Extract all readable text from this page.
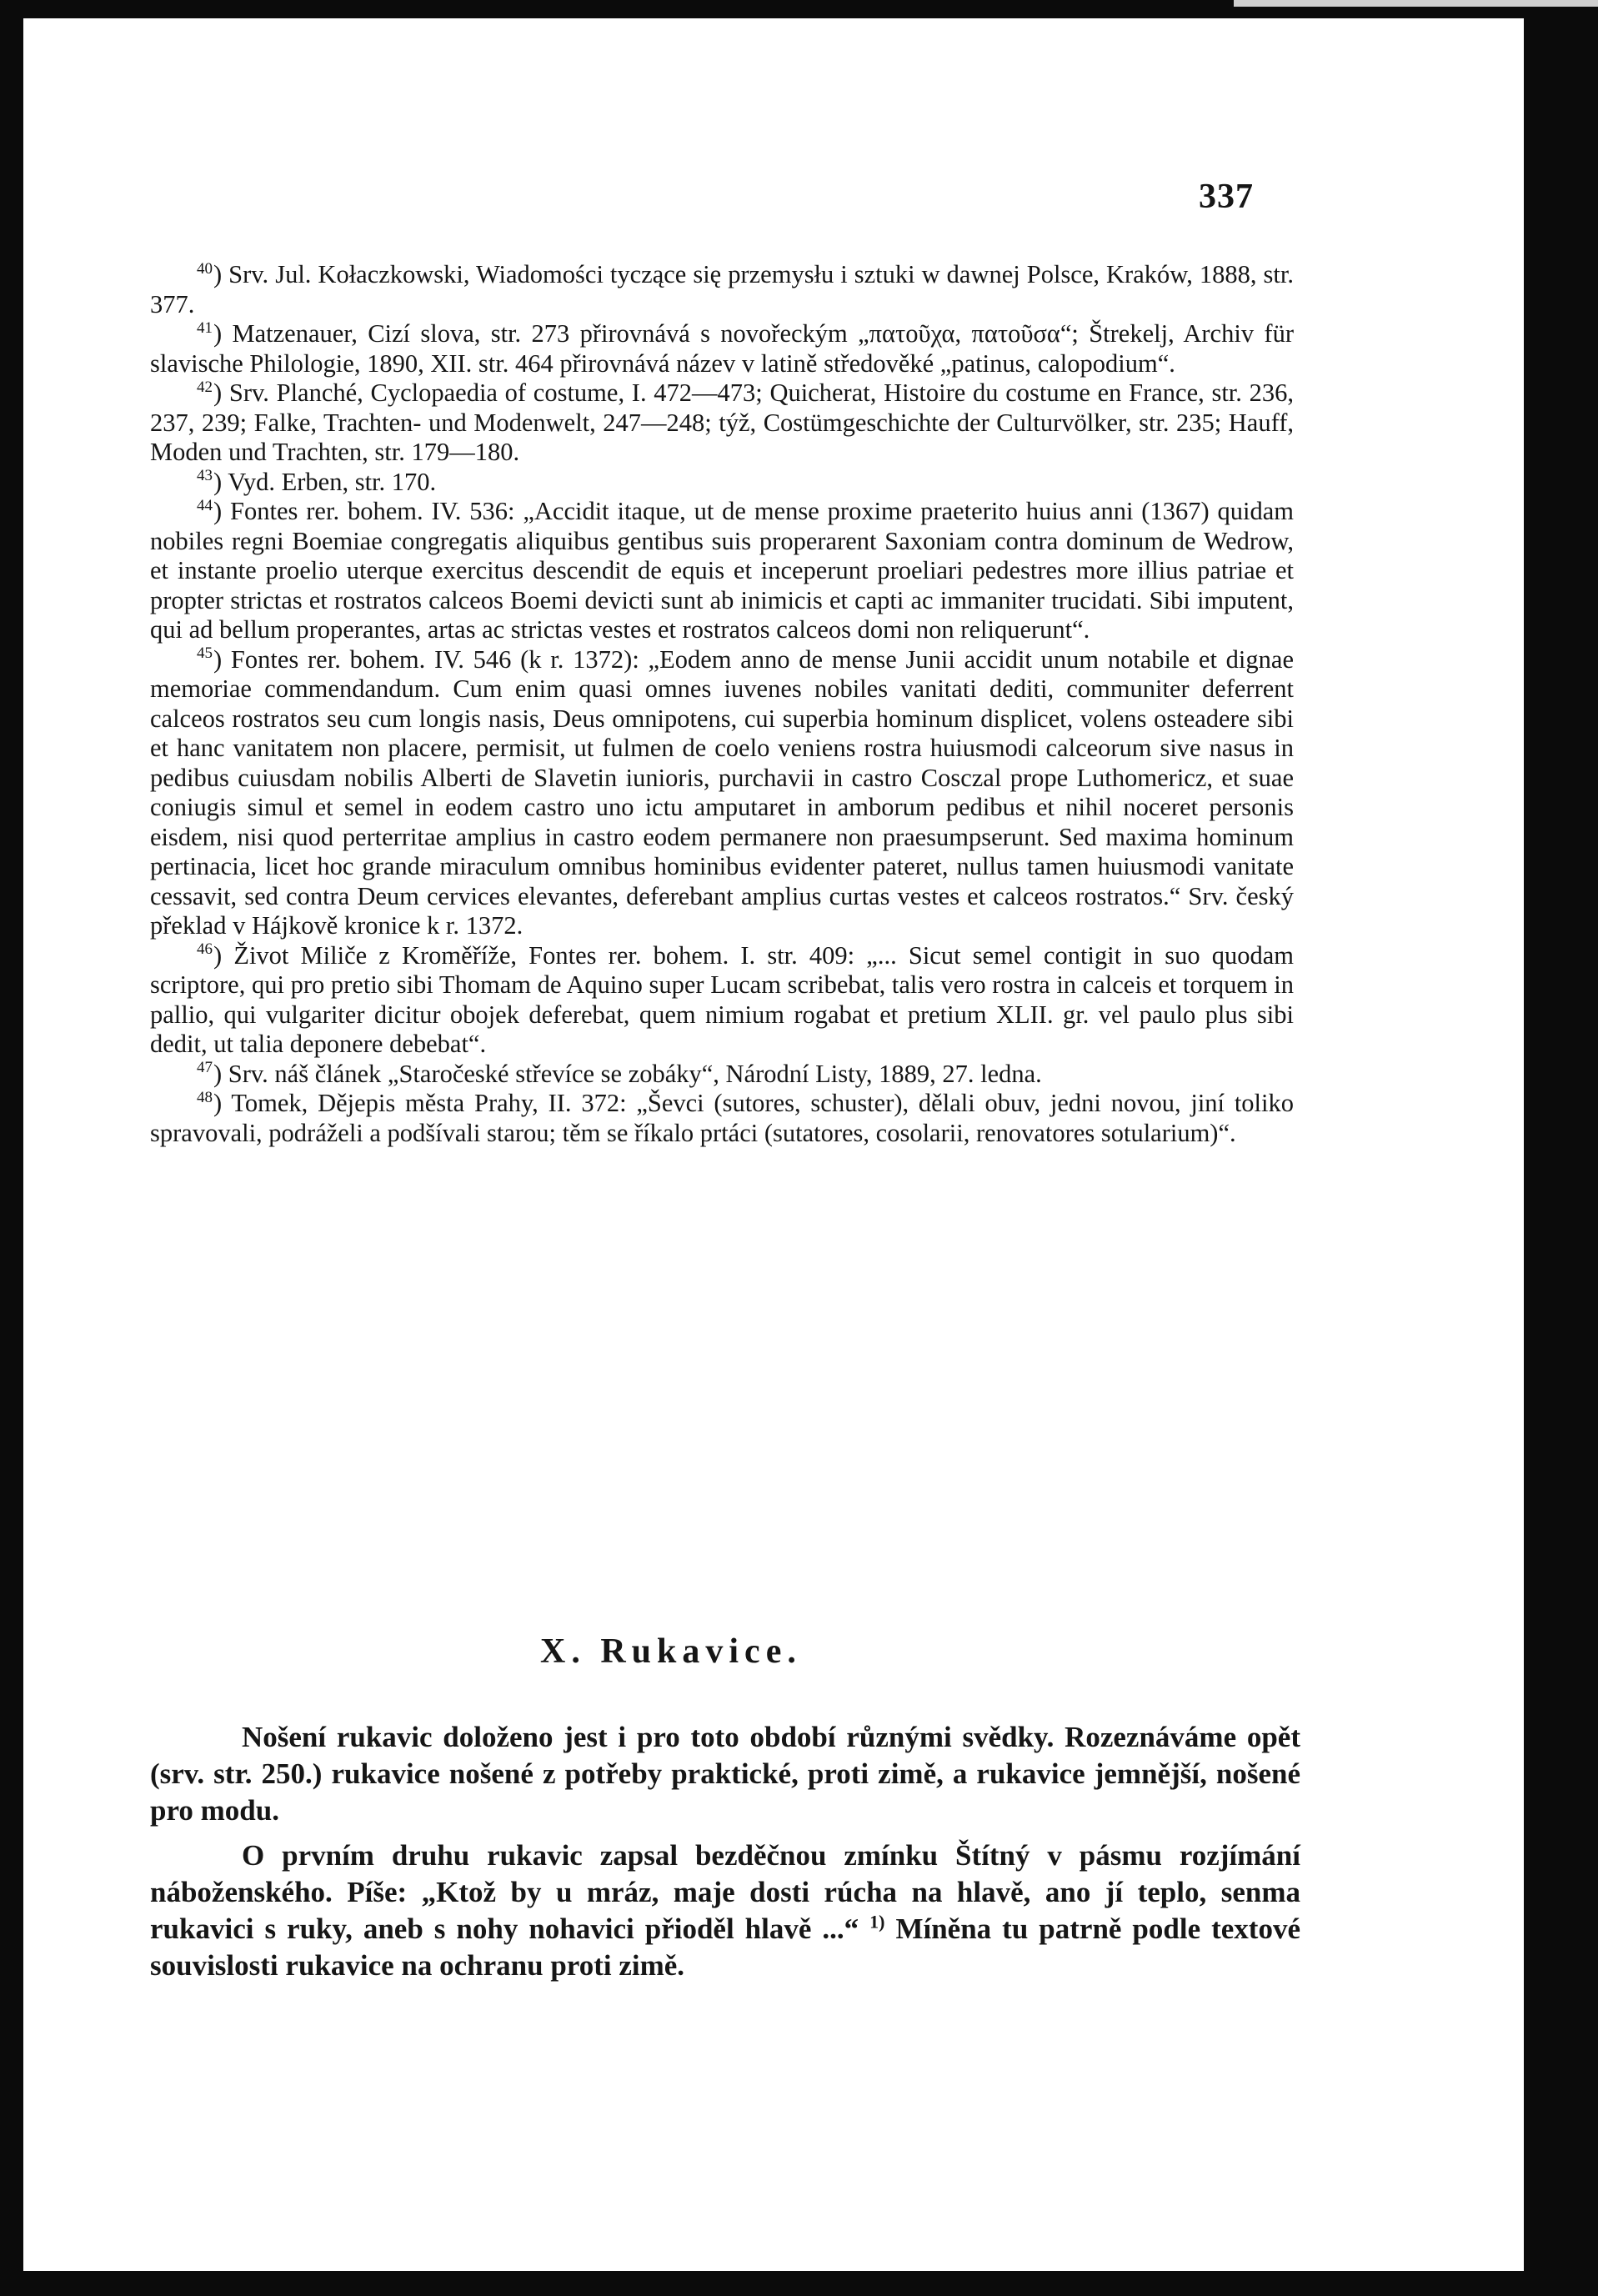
337

$^{40}$) Srv. Jul. Kołaczkowski, Wiadomości tyczące się przemysłu i sztuki w dawnej Polsce, Kraków, 1888, str. 377.

$^{41}$) Matzenauer, Cizí slova, str. 273 přirovnává s novořeckým „πατοῦχα, πατοῦσα“; Štrekelj, Archiv für slavische Philologie, 1890, XII. str. 464 přirovnává název v latině středověké „patinus, calopodium“.

$^{42}$) Srv. Planché, Cyclopaedia of costume, I. 472—473; Quicherat, Histoire du costume en France, str. 236, 237, 239; Falke, Trachten- und Modenwelt, 247—248; týž, Costümgeschichte der Culturvölker, str. 235; Hauff, Moden und Trachten, str. 179—180.

$^{43}$) Vyd. Erben, str. 170.

$^{44}$) Fontes rer. bohem. IV. 536: „Accidit itaque, ut de mense proxime praeterito huius anni (1367) quidam nobiles regni Boemiae congregatis aliquibus gentibus suis properarent Saxoniam contra dominum de Wedrow, et instante proelio uterque exercitus descendit de equis et inceperunt proeliari pedestres more illius patriae et propter strictas et rostratos calceos Boemi devicti sunt ab inimicis et capti ac immaniter trucidati. Sibi imputent, qui ad bellum properantes, artas ac strictas vestes et rostratos calceos domi non reliquerunt“.

$^{45}$) Fontes rer. bohem. IV. 546 (k r. 1372): „Eodem anno de mense Junii accidit unum notabile et dignae memoriae commendandum. Cum enim quasi omnes iuvenes nobiles vanitati dediti, communiter deferrent calceos rostratos seu cum longis nasis, Deus omnipotens, cui superbia hominum displicet, volens osteadere sibi et hanc vanitatem non placere, permisit, ut fulmen de coelo veniens rostra huiusmodi calceorum sive nasus in pedibus cuiusdam nobilis Alberti de Slavetin iunioris, purchavii in castro Cosczal prope Luthomericz, et suae coniugis simul et semel in eodem castro uno ictu amputaret in amborum pedibus et nihil noceret personis eisdem, nisi quod perterritae amplius in castro eodem permanere non praesumpserunt. Sed maxima hominum pertinacia, licet hoc grande miraculum omnibus hominibus evidenter pateret, nullus tamen huiusmodi vanitate cessavit, sed contra Deum cervices elevantes, deferebant amplius curtas vestes et calceos rostratos.“ Srv. český překlad v Hájkově kronice k r. 1372.

$^{46}$) Život Miliče z Kroměříže, Fontes rer. bohem. I. str. 409: „... Sicut semel contigit in suo quodam scriptore, qui pro pretio sibi Thomam de Aquino super Lucam scribebat, talis vero rostra in calceis et torquem in pallio, qui vulgariter dicitur obojek deferebat, quem nimium rogabat et pretium XLII. gr. vel paulo plus sibi dedit, ut talia deponere debebat“.

$^{47}$) Srv. náš článek „Staročeské střevíce se zobáky“, Národní Listy, 1889, 27. ledna.

$^{48}$) Tomek, Dějepis města Prahy, II. 372: „Ševci (sutores, schuster), dělali obuv, jedni novou, jiní toliko spravovali, podráželi a podšívali starou; těm se říkalo prtáci (sutatores, cosolarii, renovatores sotularium)“.

X. Rukavice.

Nošení rukavic doloženo jest i pro toto období různými svědky. Rozeznáváme opět (srv. str. 250.) rukavice nošené z potřeby praktické, proti zimě, a rukavice jemnější, nošené pro modu.

O prvním druhu rukavic zapsal bezděčnou zmínku Štítný v pásmu rozjímání náboženského. Píše: „Ktož by u mráz, maje dosti rúcha na hlavě, ano jí teplo, senma rukavici s ruky, aneb s nohy nohavici přioděl hlavě ...“ $^{1)}$ Míněna tu patrně podle textové souvislosti rukavice na ochranu proti zimě.
